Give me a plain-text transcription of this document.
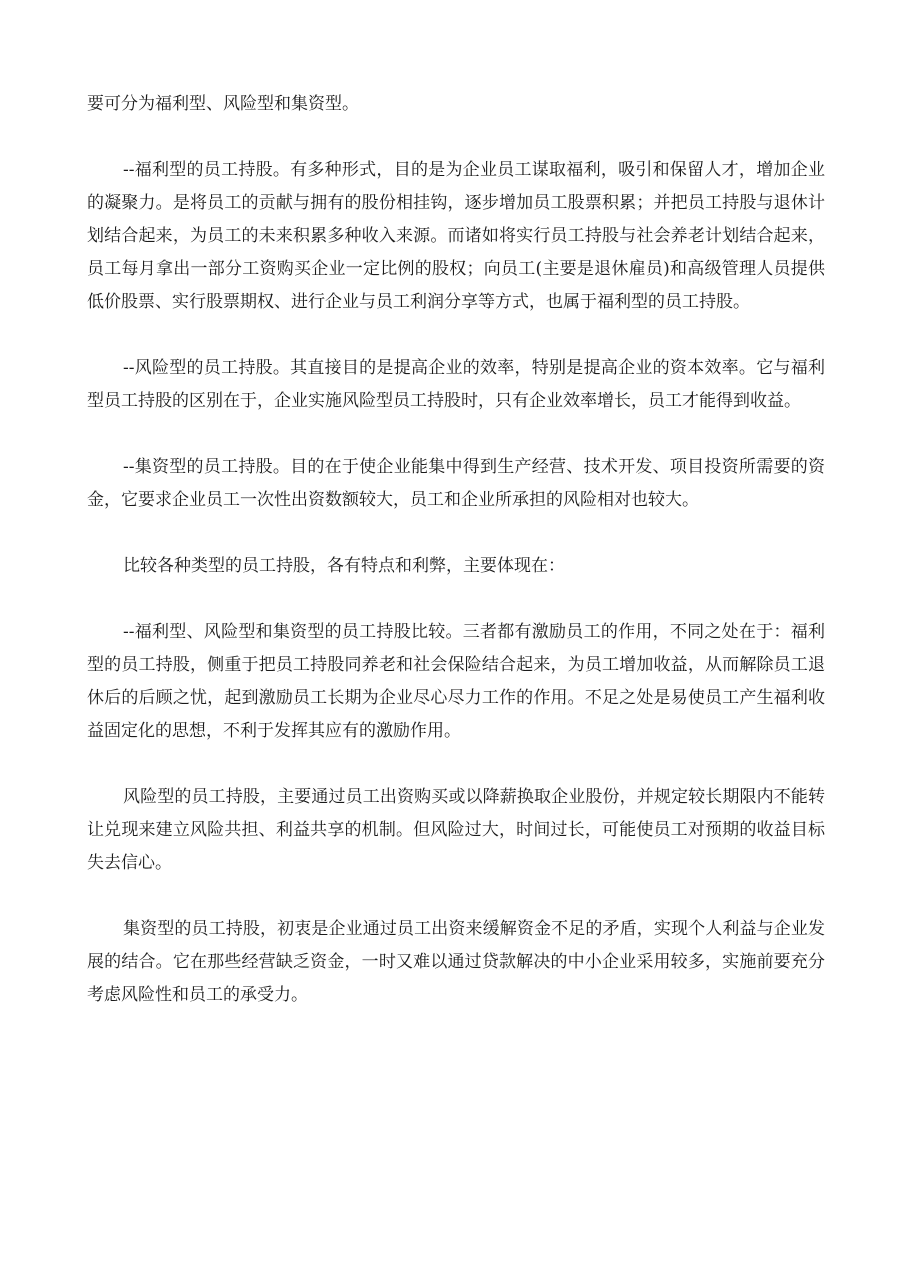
要可分为福利型、风险型和集资型。

--福利型的员工持股。有多种形式，目的是为企业员工谋取福利，吸引和保留人才，增加企业的凝聚力。是将员工的贡献与拥有的股份相挂钩，逐步增加员工股票积累；并把员工持股与退休计划结合起来，为员工的未来积累多种收入来源。而诸如将实行员工持股与社会养老计划结合起来，员工每月拿出一部分工资购买企业一定比例的股权；向员工(主要是退休雇员)和高级管理人员提供低价股票、实行股票期权、进行企业与员工利润分享等方式，也属于福利型的员工持股。

--风险型的员工持股。其直接目的是提高企业的效率，特别是提高企业的资本效率。它与福利型员工持股的区别在于，企业实施风险型员工持股时，只有企业效率增长，员工才能得到收益。

--集资型的员工持股。目的在于使企业能集中得到生产经营、技术开发、项目投资所需要的资金，它要求企业员工一次性出资数额较大，员工和企业所承担的风险相对也较大。

比较各种类型的员工持股，各有特点和利弊，主要体现在：

--福利型、风险型和集资型的员工持股比较。三者都有激励员工的作用，不同之处在于：福利型的员工持股，侧重于把员工持股同养老和社会保险结合起来，为员工增加收益，从而解除员工退休后的后顾之忧，起到激励员工长期为企业尽心尽力工作的作用。不足之处是易使员工产生福利收益固定化的思想，不利于发挥其应有的激励作用。

风险型的员工持股，主要通过员工出资购买或以降薪换取企业股份，并规定较长期限内不能转让兑现来建立风险共担、利益共享的机制。但风险过大，时间过长，可能使员工对预期的收益目标失去信心。

集资型的员工持股，初衷是企业通过员工出资来缓解资金不足的矛盾，实现个人利益与企业发展的结合。它在那些经营缺乏资金，一时又难以通过贷款解决的中小企业采用较多，实施前要充分考虑风险性和员工的承受力。
